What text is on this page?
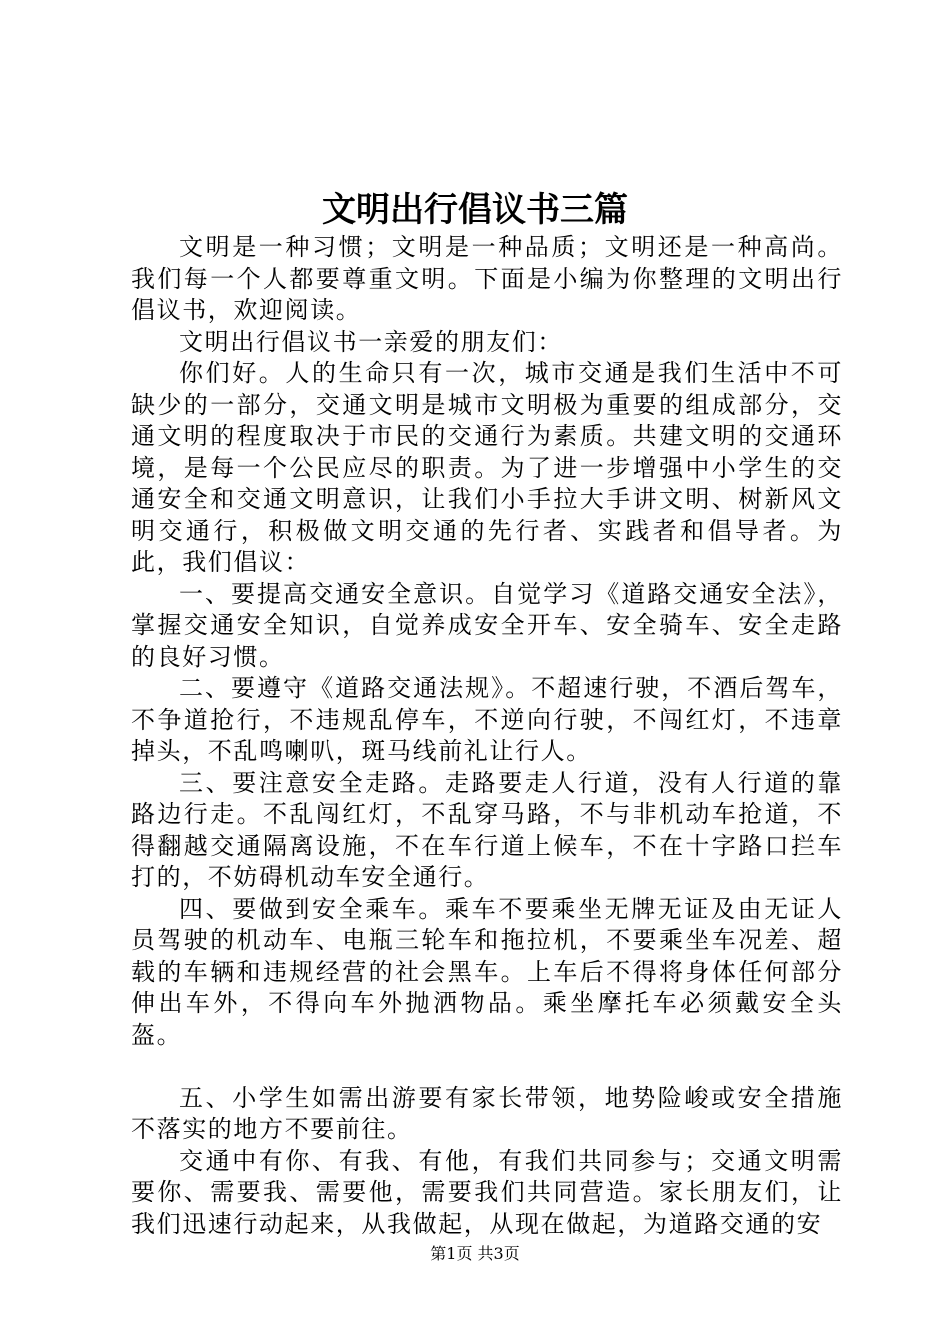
文明出行倡议书三篇

文明是一种习惯；文明是一种品质；文明还是一种高尚。我们每一个人都要尊重文明。下面是小编为你整理的文明出行倡议书，欢迎阅读。

文明出行倡议书一亲爱的朋友们：

你们好。人的生命只有一次，城市交通是我们生活中不可缺少的一部分，交通文明是城市文明极为重要的组成部分，交通文明的程度取决于市民的交通行为素质。共建文明的交通环境，是每一个公民应尽的职责。为了进一步增强中小学生的交通安全和交通文明意识，让我们小手拉大手讲文明、树新风文明交通行，积极做文明交通的先行者、实践者和倡导者。为此，我们倡议：

一、要提高交通安全意识。自觉学习《道路交通安全法》，掌握交通安全知识，自觉养成安全开车、安全骑车、安全走路的良好习惯。

二、要遵守《道路交通法规》。不超速行驶，不酒后驾车，不争道抢行，不违规乱停车，不逆向行驶，不闯红灯，不违章掉头，不乱鸣喇叭，斑马线前礼让行人。

三、要注意安全走路。走路要走人行道，没有人行道的靠路边行走。不乱闯红灯，不乱穿马路，不与非机动车抢道，不得翻越交通隔离设施，不在车行道上候车，不在十字路口拦车打的，不妨碍机动车安全通行。

四、要做到安全乘车。乘车不要乘坐无牌无证及由无证人员驾驶的机动车、电瓶三轮车和拖拉机，不要乘坐车况差、超载的车辆和违规经营的社会黑车。上车后不得将身体任何部分伸出车外，不得向车外抛洒物品。乘坐摩托车必须戴安全头盔。

五、小学生如需出游要有家长带领，地势险峻或安全措施不落实的地方不要前往。

交通中有你、有我、有他，有我们共同参与；交通文明需要你、需要我、需要他，需要我们共同营造。家长朋友们，让我们迅速行动起来，从我做起，从现在做起，为道路交通的安

第1页 共3页
